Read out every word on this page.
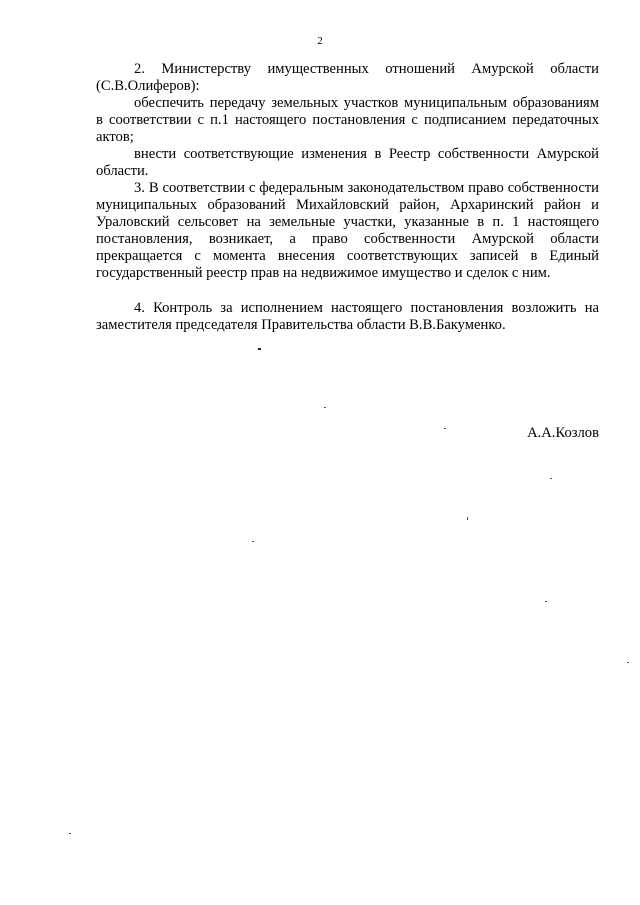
2

2. Министерству имущественных отношений Амурской области (С.В.Олиферов):

обеспечить передачу земельных участков муниципальным образованиям в соответствии с п.1 настоящего постановления с подписанием передаточных актов;

внести соответствующие изменения в Реестр собственности Амурской области.

3. В соответствии с федеральным законодательством право собственности муниципальных образований Михайловский район, Архаринский район и Ураловский сельсовет на земельные участки, указанные в п. 1 настоящего постановления, возникает, а право собственности Амурской области прекращается с момента внесения соответствующих записей в Единый государственный реестр прав на недвижимое имущество и сделок с ним.

4. Контроль за исполнением настоящего постановления возложить на заместителя председателя Правительства области В.В.Бакуменко.

А.А.Козлов
